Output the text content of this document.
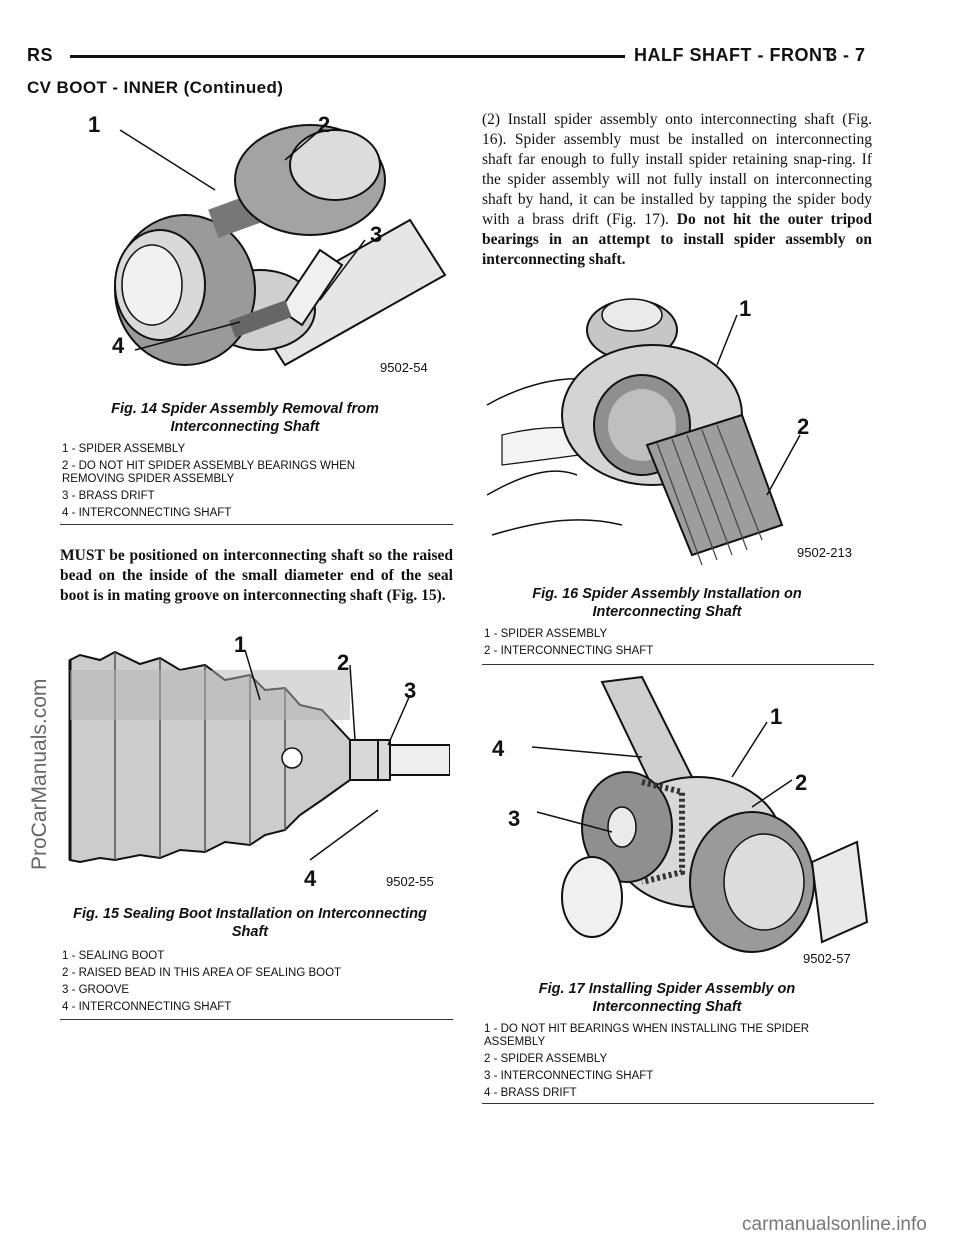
RS	HALF SHAFT - FRONT
3 - 7
CV BOOT - INNER (Continued)
1	2
3
4
9502-54
Fig. 14 Spider Assembly Removal from
Interconnecting Shaft
1 - SPIDER ASSEMBLY
2 - DO NOT HIT SPIDER ASSEMBLY BEARINGS WHEN REMOVING SPIDER ASSEMBLY
3 - BRASS DRIFT
4 - INTERCONNECTING SHAFT
MUST be positioned on interconnecting shaft so the raised bead on the inside of the small diameter end of the seal boot is in mating groove on interconnecting shaft (Fig. 15).
1
2
3
4	9502-55
Fig. 15 Sealing Boot Installation on Interconnecting
Shaft
1 - SEALING BOOT
2 - RAISED BEAD IN THIS AREA OF SEALING BOOT
3 - GROOVE
4 - INTERCONNECTING SHAFT
(2) Install spider assembly onto interconnecting shaft (Fig. 16). Spider assembly must be installed on interconnecting shaft far enough to fully install spider retaining snap-ring. If the spider assembly will not fully install on interconnecting shaft by hand, it can be installed by tapping the spider body with a brass drift (Fig. 17). Do not hit the outer tripod bearings in an attempt to install spider assembly on interconnecting shaft.
1
2
9502-213
Fig. 16 Spider Assembly Installation on
Interconnecting Shaft
1 - SPIDER ASSEMBLY
2 - INTERCONNECTING SHAFT
1
2
3
4
9502-57
Fig. 17 Installing Spider Assembly on
Interconnecting Shaft
1 - DO NOT HIT BEARINGS WHEN INSTALLING THE SPIDER ASSEMBLY
2 - SPIDER ASSEMBLY
3 - INTERCONNECTING SHAFT
4 - BRASS DRIFT
ProCarManuals.com
carmanualsonline.info
